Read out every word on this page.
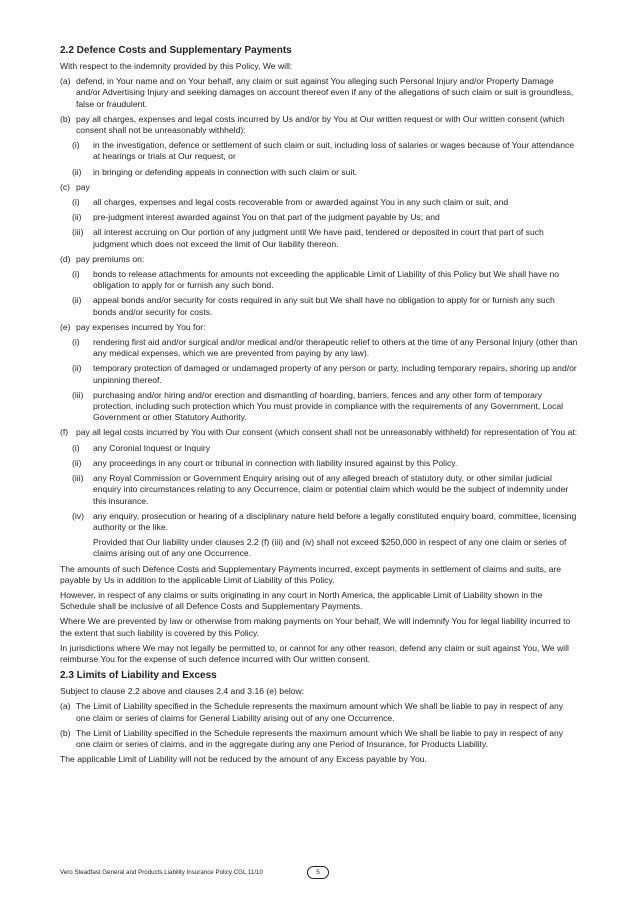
2.2 Defence Costs and Supplementary Payments

With respect to the indemnity provided by this Policy, We will:

(a) defend, in Your name and on Your behalf, any claim or suit against You alleging such Personal Injury and/or Property Damage and/or Advertising Injury and seeking damages on account thereof even if any of the allegations of such claim or suit is groundless, false or fraudulent.
(b) pay all charges, expenses and legal costs incurred by Us and/or by You at Our written request or with Our written consent (which consent shall not be unreasonably withheld):
(i)	in the investigation, defence or settlement of such claim or suit, including loss of salaries or wages because of Your attendance at hearings or trials at Our request, or
(ii)	in bringing or defending appeals in connection with such claim or suit.
(c) pay
(i)	all charges, expenses and legal costs recoverable from or awarded against You in any such claim or suit, and
(ii)	pre-judgment interest awarded against You on that part of the judgment payable by Us; and
(iii)	all interest accruing on Our portion of any judgment until We have paid, tendered or deposited in court that part of such judgment which does not exceed the limit of Our liability thereon.
(d) pay premiums on:
(i)	bonds to release attachments for amounts not exceeding the applicable Limit of Liability of this Policy but We shall have no obligation to apply for or furnish any such bond.
(ii)	appeal bonds and/or security for costs required in any suit but We shall have no obligation to apply for or furnish any such bonds and/or security for costs.
(e) pay expenses incurred by You for:
(i)	rendering first aid and/or surgical and/or medical and/or therapeutic relief to others at the time of any Personal Injury (other than any medical expenses, which we are prevented from paying by any law).
(ii)	temporary protection of damaged or undamaged property of any person or party, including temporary repairs, shoring up and/or unpinning thereof.
(iii)	purchasing and/or hiring and/or erection and dismantling of hoarding, barriers, fences and any other form of temporary protection, including such protection which You must provide in compliance with the requirements of any Government, Local Government or other Statutory Authority.
(f) pay all legal costs incurred by You with Our consent (which consent shall not be unreasonably withheld) for representation of You at:
(i)	any Coronial Inquest or Inquiry
(ii)	any proceedings in any court or tribunal in connection with liability insured against by this Policy.
(iii)	any Royal Commission or Government Enquiry arising out of any alleged breach of statutory duty, or other similar judicial enquiry into circumstances relating to any Occurrence, claim or potential claim which would be the subject of indemnity under this insurance.
(iv)	any enquiry, prosecution or hearing of a disciplinary nature held before a legally constituted enquiry board, committee, licensing authority or the like.

Provided that Our liability under clauses 2.2 (f) (iii) and (iv) shall not exceed $250,000 in respect of any one claim or series of claims arising out of any one Occurrence.

The amounts of such Defence Costs and Supplementary Payments incurred, except payments in settlement of claims and suits, are payable by Us in addition to the applicable Limit of Liability of this Policy.

However, in respect of any claims or suits originating in any court in North America, the applicable Limit of Liability shown in the Schedule shall be inclusive of all Defence Costs and Supplementary Payments.

Where We are prevented by law or otherwise from making payments on Your behalf, We will indemnify You for legal liability incurred to the extent that such liability is covered by this Policy.

In jurisdictions where We may not legally be permitted to, or cannot for any other reason, defend any claim or suit against You, We will reimburse You for the expense of such defence incurred with Our written consent.

2.3 Limits of Liability and Excess

Subject to clause 2.2 above and clauses 2.4 and 3.16 (e) below:

(a) The Limit of Liability specified in the Schedule represents the maximum amount which We shall be liable to pay in respect of any one claim or series of claims for General Liability arising out of any one Occurrence.
(b) The Limit of Liability specified in the Schedule represents the maximum amount which We shall be liable to pay in respect of any one claim or series of claims, and in the aggregate during any one Period of Insurance, for Products Liability.

The applicable Limit of Liability will not be reduced by the amount of any Excess payable by You.

Vero Steadfast General and Products Liability Insurance Policy CGL 11/10	5
